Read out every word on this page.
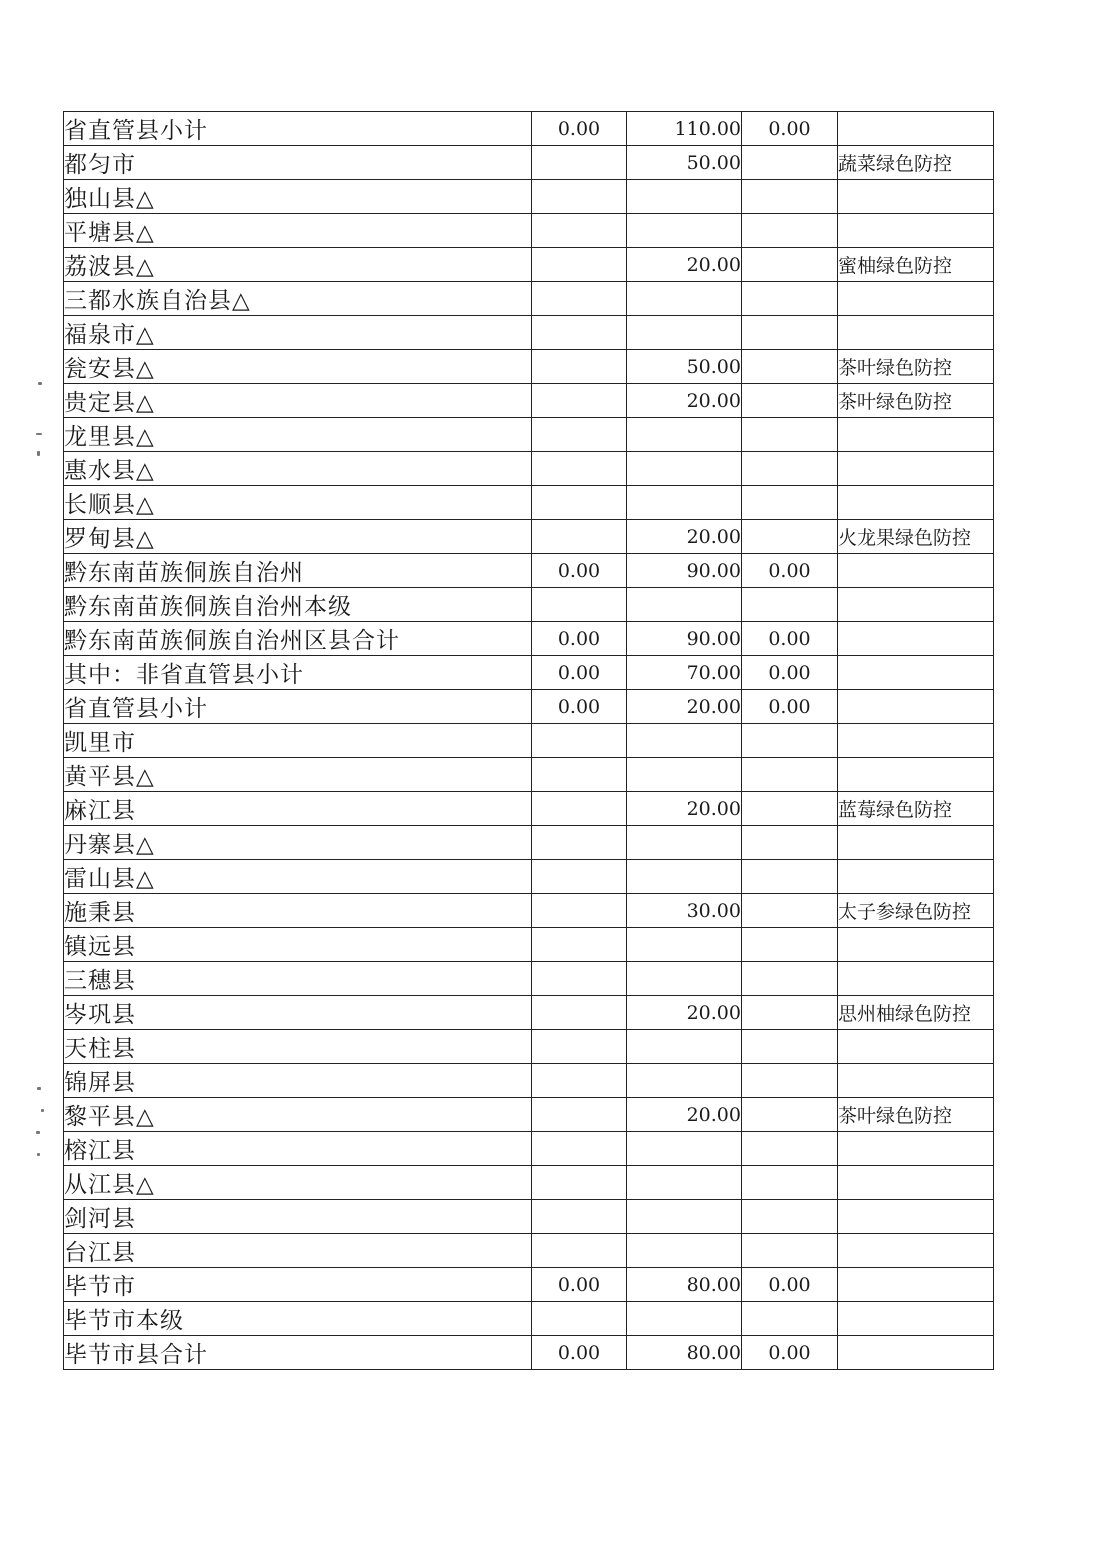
省直管县小计	0.00	110.00	0.00	
都匀市		50.00		蔬菜绿色防控
独山县△				
平塘县△				
荔波县△		20.00		蜜柚绿色防控
三都水族自治县△				
福泉市△				
瓮安县△		50.00		茶叶绿色防控
贵定县△		20.00		茶叶绿色防控
龙里县△				
惠水县△				
长顺县△				
罗甸县△		20.00		火龙果绿色防控
黔东南苗族侗族自治州	0.00	90.00	0.00	
黔东南苗族侗族自治州本级				
黔东南苗族侗族自治州区县合计	0.00	90.00	0.00	
其中：非省直管县小计	0.00	70.00	0.00	
省直管县小计	0.00	20.00	0.00	
凯里市				
黄平县△				
麻江县		20.00		蓝莓绿色防控
丹寨县△				
雷山县△				
施秉县		30.00		太子参绿色防控
镇远县				
三穗县				
岑巩县		20.00		思州柚绿色防控
天柱县				
锦屏县				
黎平县△		20.00		茶叶绿色防控
榕江县				
从江县△				
剑河县				
台江县				
毕节市	0.00	80.00	0.00	
毕节市本级				
毕节市县合计	0.00	80.00	0.00	
